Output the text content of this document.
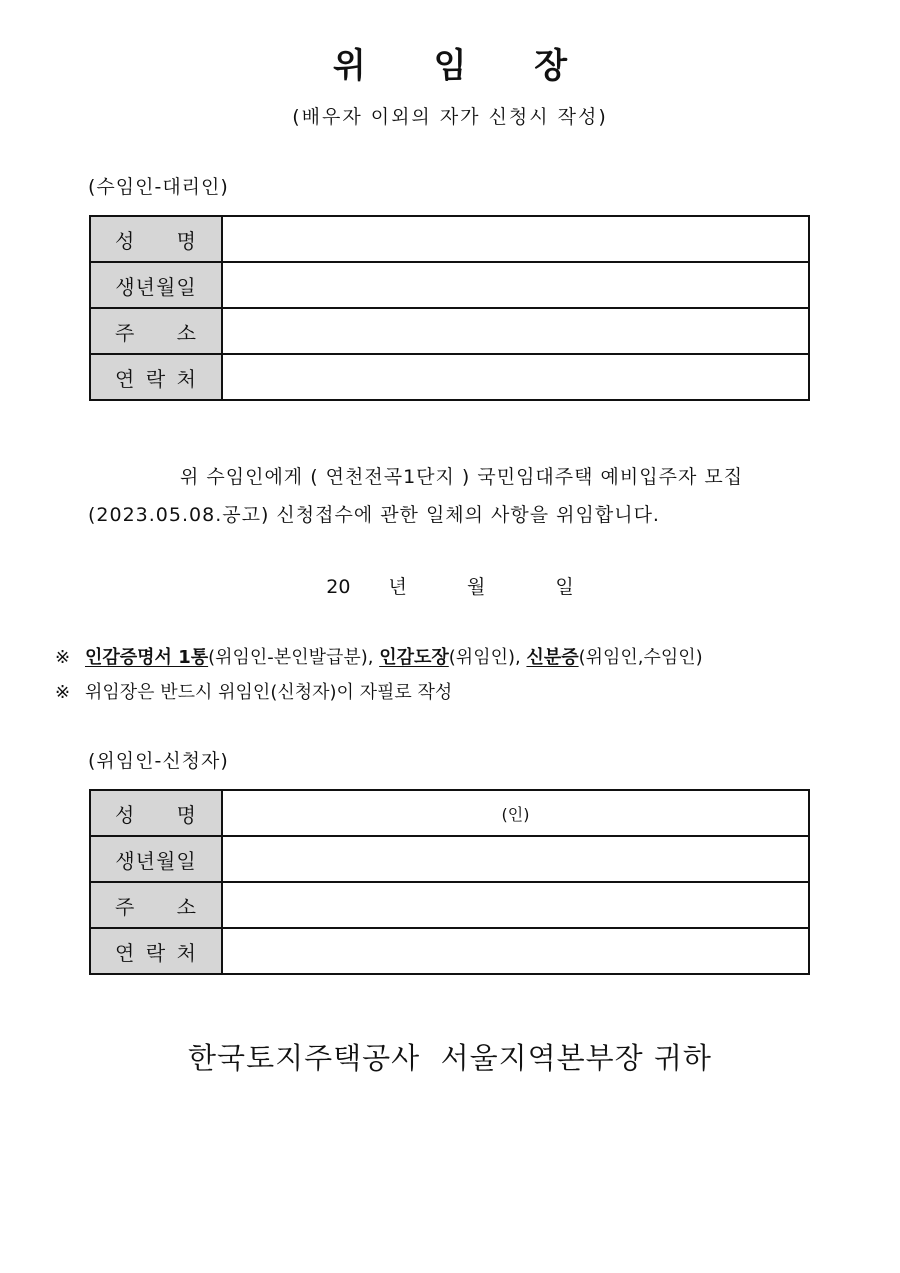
위 임 장
(배우자 이외의 자가 신청시 작성)
(수임인-대리인)
성 명	

생년월일	

주 소	

연 락 처	

위 수임인에게 ( 연천전곡1단지 ) 국민임대주택 예비입주자 모집
(2023.05.08.공고) 신청접수에 관한 일체의 사항을 위임합니다.
20 년	월	일
※ 인감증명서 1통(위임인-본인발급분), 인감도장(위임인), 신분증(위임인,수임인)
※ 위임장은 반드시 위임인(신청자)이 자필로 작성
(위임인-신청자)
성 명	(인)
생년월일	

주 소	

연 락 처	

한국토지주택공사  서울지역본부장 귀하
